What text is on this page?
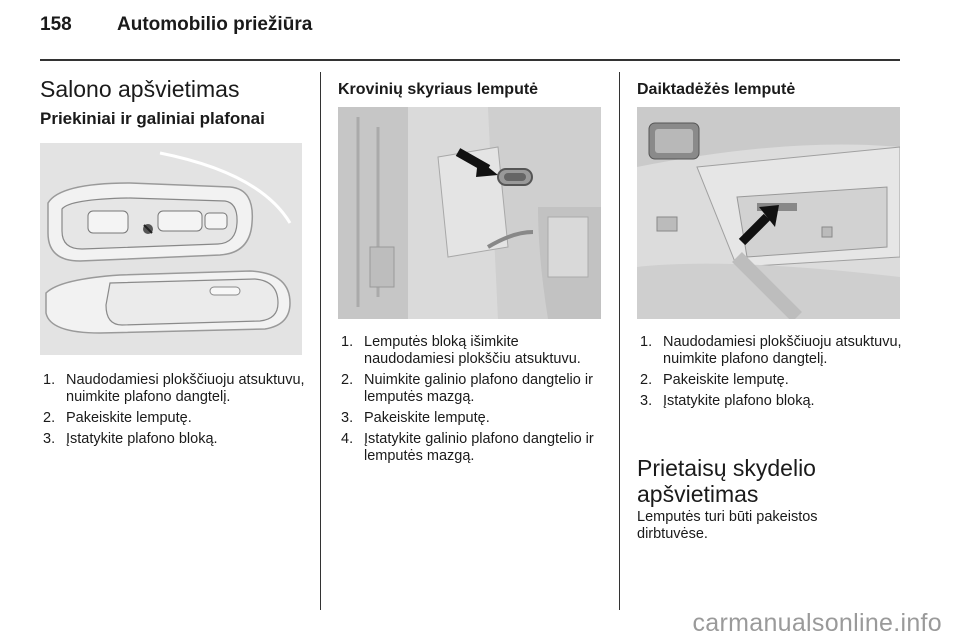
158 Automobilio priežiūra
Salono apšvietimas
Priekiniai ir galiniai plafonai
1. Naudodamiesi plokščiuoju atsuktuvu, nuimkite plafono dangtelį.
2. Pakeiskite lemputę.
3. Įstatykite plafono bloką.
Krovinių skyriaus lemputė
1. Lemputės bloką išimkite naudodamiesi plokščiu atsuktuvu.
2. Nuimkite galinio plafono dangtelio ir lemputės mazgą.
3. Pakeiskite lemputę.
4. Įstatykite galinio plafono dangtelio ir lemputės mazgą.
Daiktadėžės lemputė
1. Naudodamiesi plokščiuoju atsuktuvu, nuimkite plafono dangtelį.
2. Pakeiskite lemputę.
3. Įstatykite plafono bloką.
Prietaisų skydelio apšvietimas

Lemputės turi būti pakeistos dirbtuvėse.

carmanualsonline.info
